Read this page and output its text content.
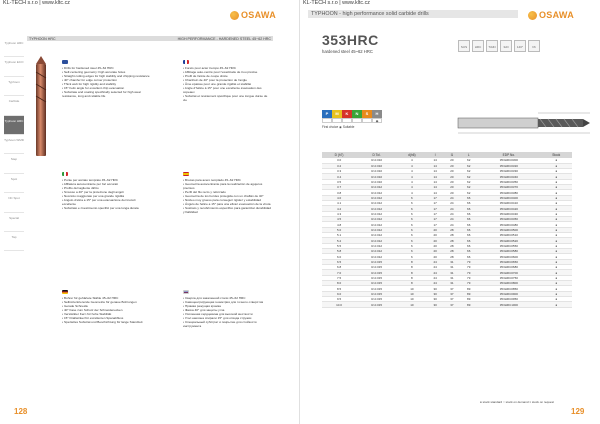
KL-TECH s.r.o | www.kltc.cz
OSAWA
Typhoon HRC
Typhoon ECO
Typhoon
Carbide
Typhoon HRC
Typhoon WMD
Step
Spot
NC Spot
Special
Tap
TYPHOON HRC	HIGH PERFORMANCE - HARDENED STEEL 45~62 HRC

• Drills for hardened steel 45~62 HRC
• Self-centering geometry: high accurate holes
• Straight cutting edges for high stability and chipping resistance
• 40° chamfer for edge corner protection
• Thick web for high rigidity and stability
• 15° helix angle for excellent chip evacuation
• Substrate and coating specifically selected for high wear resistance, long and reliable life

• Forets pour acier trempé 45~62 HRC
• Affûtage auto-centré pour l'exactitude de trou précise
• Profil de l'arête de coupe droite
• Chanfrein de 40° pour la protection de l'angle
• Âme épaisse pour une grande rigidité et stabilité
• Angle d'hélice à 15° pour une excellente évacuation des copeaux
• Substrat et revêtement spécifique pour une longue durée de vie

• Punte per acciaio temprato 45~62 HRC
• Affilatura autocentrante per fori accurati
• Profilo del tagliente diritto
• Smusso a 40° per la protezione degli angoli
• Nocciolo maggiorato per una grande rigidità
• Angolo d'elica a 15° per una evacuazione dei trucioli eccellente
• Substrato e rivestimento specifici per una lunga durata

• Brocas para acero templado 45~62 HRC
• Geometría autocentrante para la realización de agujeros precisos
• Perfil del filo recto y reforzado
• Geometría de los bordes protegida con un chaflán de 40°
• Núcleo muy grueso para conseguir rigidez y estabilidad
• Ángulo de hélice a 15° para una eficaz evacuación de la viruta
• Sustrato y recubrimiento específico para garantizar durabilidad y fiabilidad

• Bohrer für gehärtete Stähle 45~62 HRC
• Selbstzentrierende Geometrie für genaue Bohrungen
• Gerade Schneide
• 40° Fase zum Schutz der Schneidenecken
• Verstärkter Kern für hohe Stabilität
• 15° Drallwinkel für exzellenten Spanabfluss
• Spezielles Substrat und Beschichtung für lange Standzeit

• Сверла для закаленной стали 45~62 HRC
• Самоцентрирующая геометрия для точного отверстия
• Прямая режущая кромка
• Фаска 40° для защиты угла
• Усиленная сердцевина для высокой жесткости
• Угол наклона спирали 15° для отвода стружки
• Специальный субстрат и покрытие для стойкости инструмента

128
KL-TECH s.r.o | www.kltc.cz
TYPHOON - high performance solid carbide drills	OSAWA
353HRC
hardened steel 45~62 HRC
SUS	HRC	TiAlN	3xD	140°	h6
P	M	K	N	S	H
◉
First choice ◉ Suitable
D (h7)	D Tol.	d(h6)	l	l1	L	EDP No.	Stock
3.0	0/-0.010	4	14	20	62	353HRC0300	●
3.2	0/-0.010	4	14	20	62	353HRC0320	●
3.3	0/-0.010	4	14	20	62	353HRC0330	●
3.4	0/-0.010	4	14	20	62	353HRC0340	●
3.5	0/-0.010	4	14	20	62	353HRC0350	●
3.7	0/-0.012	4	14	20	62	353HRC0370	●
3.8	0/-0.012	4	14	20	62	353HRC0380	●
4.0	0/-0.012	6	17	24	66	353HRC0400	●
4.1	0/-0.012	6	17	24	66	353HRC0410	●
4.2	0/-0.012	6	17	24	66	353HRC0420	●
4.3	0/-0.012	6	17	24	66	353HRC0430	●
4.5	0/-0.012	6	17	24	66	353HRC0450	●
4.8	0/-0.012	6	17	24	66	353HRC0480	●
5.0	0/-0.012	6	20	28	66	353HRC0500	●
5.1	0/-0.012	6	20	28	66	353HRC0510	●
5.2	0/-0.012	6	20	28	66	353HRC0520	●
5.5	0/-0.012	6	20	28	66	353HRC0550	●
5.8	0/-0.012	6	20	28	66	353HRC0580	●
6.0	0/-0.012	6	20	28	66	353HRC0600	●
6.5	0/-0.015	8	24	31	79	353HRC0650	●
6.8	0/-0.015	8	24	31	79	353HRC0680	●
7.0	0/-0.015	8	24	31	79	353HRC0700	●
7.5	0/-0.015	8	24	31	79	353HRC0750	●
8.0	0/-0.015	8	24	31	79	353HRC0800	●
8.5	0/-0.015	10	30	37	89	353HRC0850	●
9.0	0/-0.015	10	30	37	89	353HRC0900	●
9.5	0/-0.015	10	30	37	89	353HRC0950	●
10.0	0/-0.015	10	30	37	89	353HRC1000	●
● stock standard ○ stock on demand × stock on request
129
